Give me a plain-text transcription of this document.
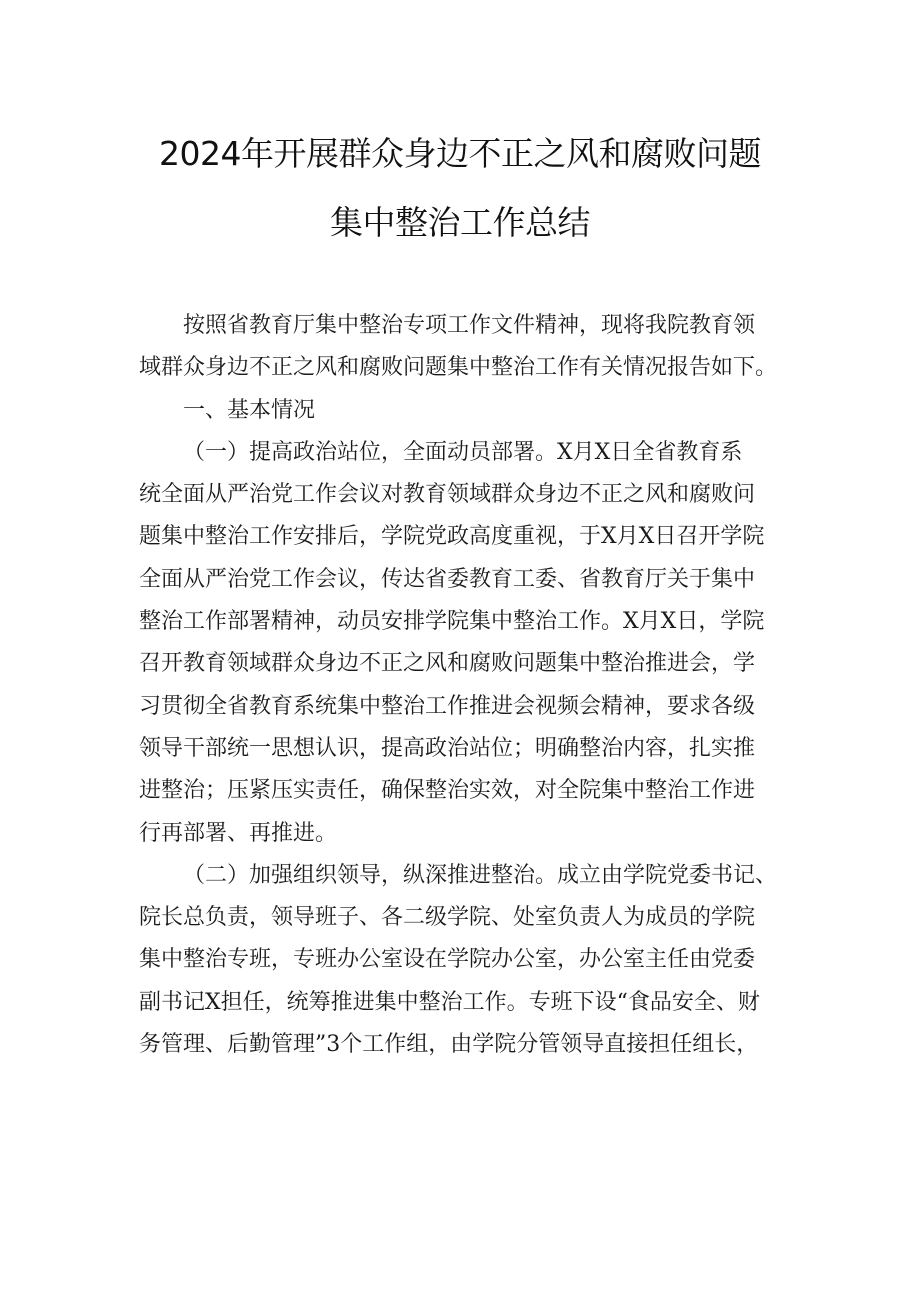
2024年开展群众身边不正之风和腐败问题
集中整治工作总结
按照省教育厅集中整治专项工作文件精神，现将我院教育领
域群众身边不正之风和腐败问题集中整治工作有关情况报告如下。
一、基本情况
（一）提高政治站位，全面动员部署。X月X日全省教育系
统全面从严治党工作会议对教育领域群众身边不正之风和腐败问
题集中整治工作安排后，学院党政高度重视，于X月X日召开学院
全面从严治党工作会议，传达省委教育工委、省教育厅关于集中
整治工作部署精神，动员安排学院集中整治工作。X月X日，学院
召开教育领域群众身边不正之风和腐败问题集中整治推进会，学
习贯彻全省教育系统集中整治工作推进会视频会精神，要求各级
领导干部统一思想认识，提高政治站位；明确整治内容，扎实推
进整治；压紧压实责任，确保整治实效，对全院集中整治工作进
行再部署、再推进。
（二）加强组织领导，纵深推进整治。成立由学院党委书记、
院长总负责，领导班子、各二级学院、处室负责人为成员的学院
集中整治专班，专班办公室设在学院办公室，办公室主任由党委
副书记X担任，统筹推进集中整治工作。专班下设“食品安全、财
务管理、后勤管理”3个工作组，由学院分管领导直接担任组长，
